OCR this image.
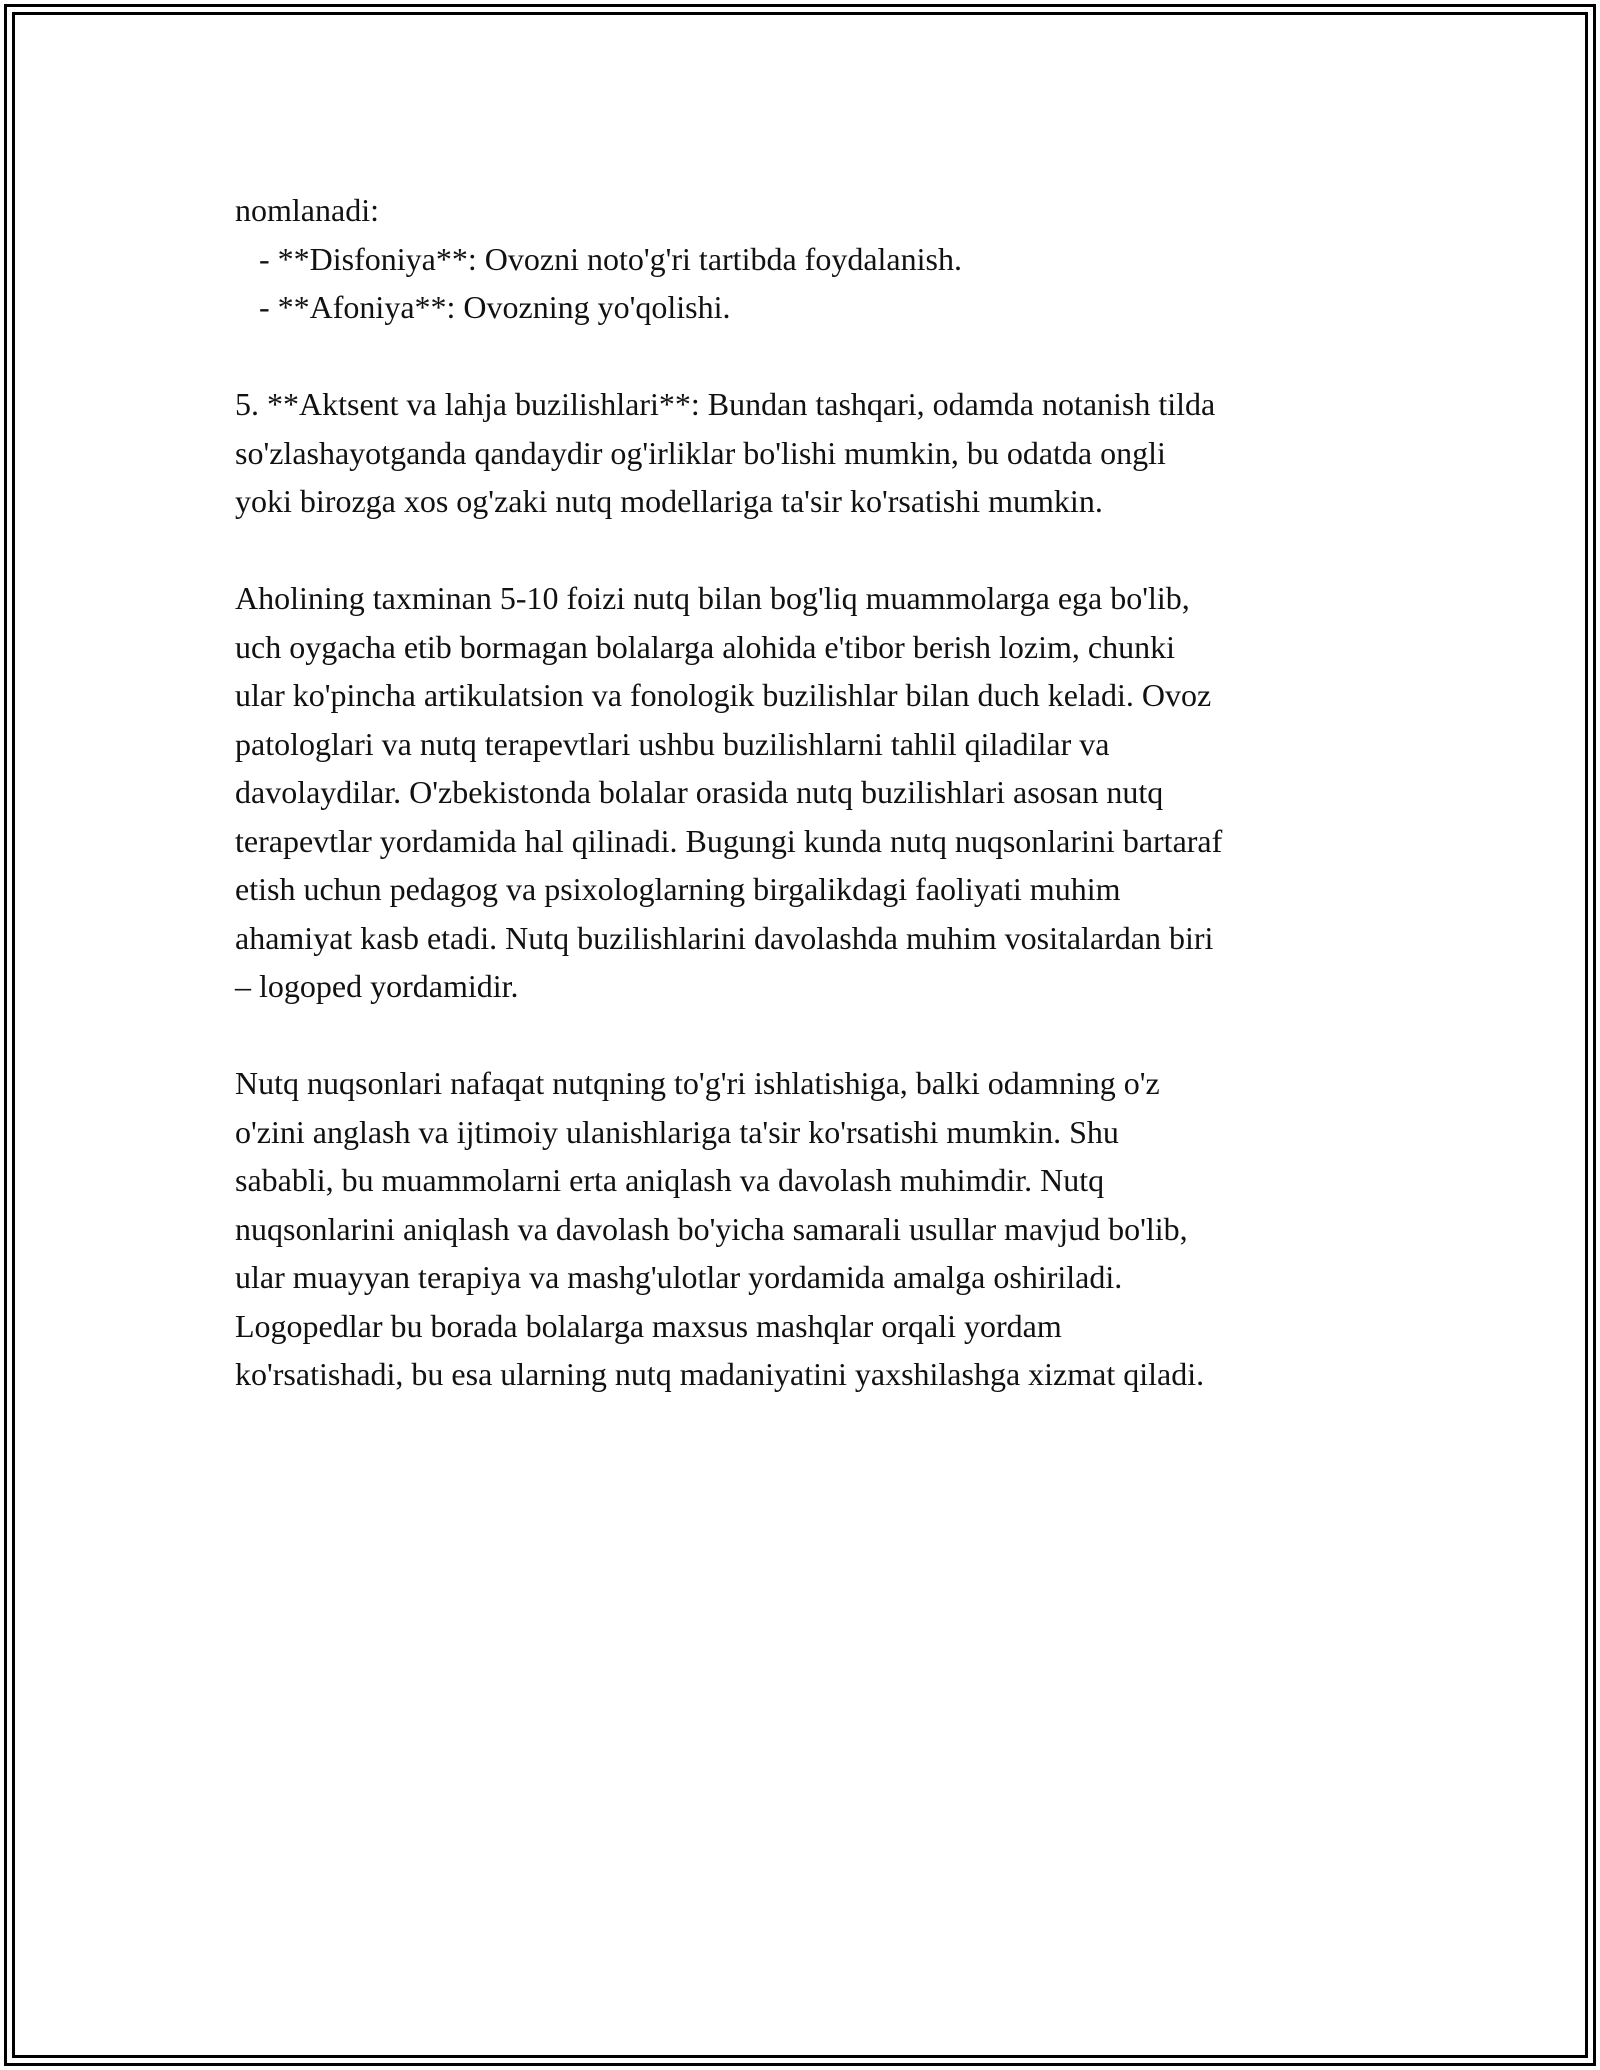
nomlanadi:

- **Disfoniya**: Ovozni noto'g'ri tartibda foydalanish.

- **Afoniya**: Ovozning yo'qolishi.

5. **Aktsent va lahja buzilishlari**: Bundan tashqari, odamda notanish tilda

so'zlashayotganda qandaydir og'irliklar bo'lishi mumkin, bu odatda ongli

yoki birozga xos og'zaki nutq modellariga ta'sir ko'rsatishi mumkin.

Aholining taxminan 5-10 foizi nutq bilan bog'liq muammolarga ega bo'lib,

uch oygacha etib bormagan bolalarga alohida e'tibor berish lozim, chunki

ular ko'pincha artikulatsion va fonologik buzilishlar bilan duch keladi. Ovoz

patologlari va nutq terapevtlari ushbu buzilishlarni tahlil qiladilar va

davolaydilar. O'zbekistonda bolalar orasida nutq buzilishlari asosan nutq

terapevtlar yordamida hal qilinadi. Bugungi kunda nutq nuqsonlarini bartaraf

etish uchun pedagog va psixologlarning birgalikdagi faoliyati muhim

ahamiyat kasb etadi. Nutq buzilishlarini davolashda muhim vositalardan biri

– logoped yordamidir.

Nutq nuqsonlari nafaqat nutqning to'g'ri ishlatishiga, balki odamning o'z

o'zini anglash va ijtimoiy ulanishlariga ta'sir ko'rsatishi mumkin. Shu

sababli, bu muammolarni erta aniqlash va davolash muhimdir. Nutq

nuqsonlarini aniqlash va davolash bo'yicha samarali usullar mavjud bo'lib,

ular muayyan terapiya va mashg'ulotlar yordamida amalga oshiriladi.

Logopedlar bu borada bolalarga maxsus mashqlar orqali yordam

ko'rsatishadi, bu esa ularning nutq madaniyatini yaxshilashga xizmat qiladi.
